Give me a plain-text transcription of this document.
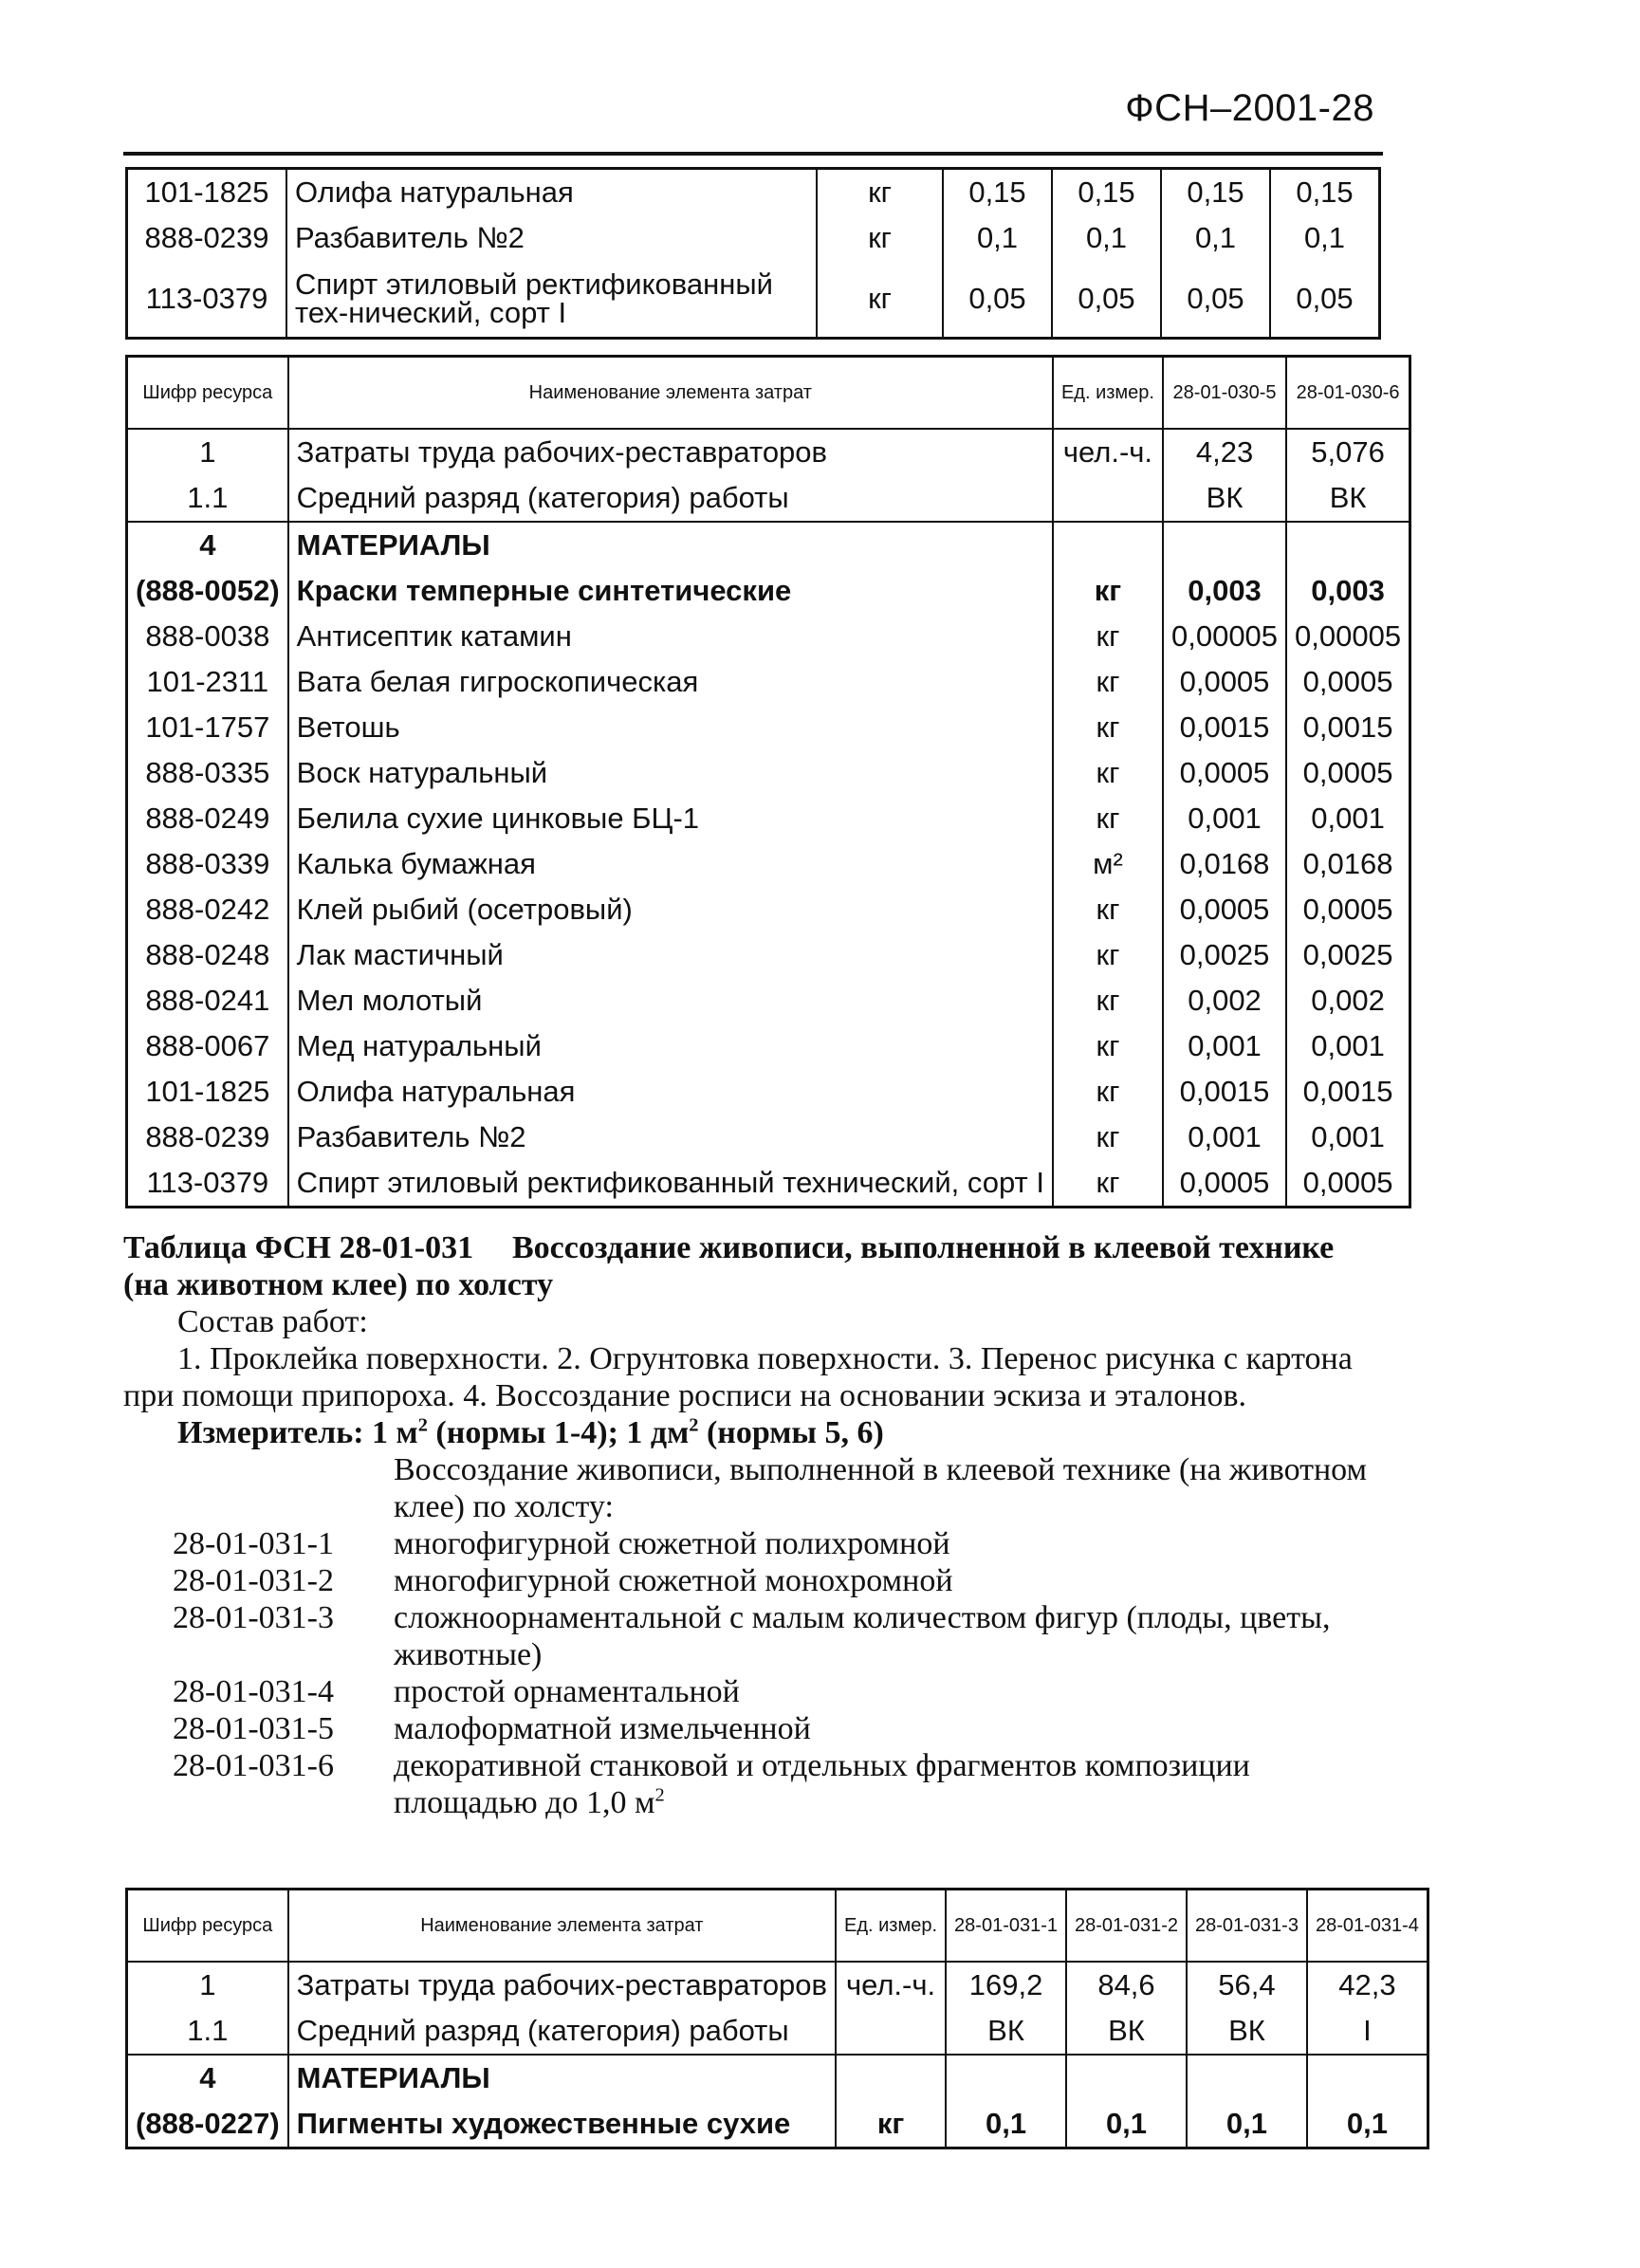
ФСН–2001-28
101-1825	Олифа натуральная	кг	0,15	0,15	0,15	0,15
888-0239	Разбавитель №2	кг	0,1	0,1	0,1	0,1
113-0379	Спирт этиловый ректификованный тех-нический, сорт I	кг	0,05	0,05	0,05	0,05
Шифр ресурса	Наименование элемента затрат	Ед. измер.	28-01-030-5	28-01-030-6
1	Затраты труда рабочих-реставраторов	чел.-ч.	4,23	5,076
1.1	Средний разряд (категория) работы		ВК	ВК
4	МАТЕРИАЛЫ			
(888-0052)	Краски темперные синтетические	кг	0,003	0,003
888-0038	Антисептик катамин	кг	0,00005	0,00005
101-2311	Вата белая гигроскопическая	кг	0,0005	0,0005
101-1757	Ветошь	кг	0,0015	0,0015
888-0335	Воск натуральный	кг	0,0005	0,0005
888-0249	Белила сухие цинковые БЦ-1	кг	0,001	0,001
888-0339	Калька бумажная	м²	0,0168	0,0168
888-0242	Клей рыбий (осетровый)	кг	0,0005	0,0005
888-0248	Лак мастичный	кг	0,0025	0,0025
888-0241	Мел молотый	кг	0,002	0,002
888-0067	Мед натуральный	кг	0,001	0,001
101-1825	Олифа натуральная	кг	0,0015	0,0015
888-0239	Разбавитель №2	кг	0,001	0,001
113-0379	Спирт этиловый ректификованный технический, сорт I	кг	0,0005	0,0005

Таблица ФСН 28-01-031 Воссоздание живописи, выполненной в клеевой технике (на животном клее) по холсту

Состав работ:

1. Проклейка поверхности. 2. Огрунтовка поверхности. 3. Перенос рисунка с картона при помощи припороха. 4. Воссоздание росписи на основании эскиза и эталонов.

Измеритель: 1 $м^2$ (нормы 1-4); 1 $дм^2$ (нормы 5, 6)

Воссоздание живописи, выполненной в клеевой технике (на животном клее) по холсту:
28-01-031-1	многофигурной сюжетной полихромной
28-01-031-2	многофигурной сюжетной монохромной
28-01-031-3	сложноорнаментальной с малым количеством фигур (плоды, цветы, животные)
28-01-031-4	простой орнаментальной
28-01-031-5	малоформатной измельченной
28-01-031-6	декоративной станковой и отдельных фрагментов композиции площадью до 1,0 $м^2$
Шифр ресурса	Наименование элемента затрат	Ед. измер.	28-01-031-1	28-01-031-2	28-01-031-3	28-01-031-4
1	Затраты труда рабочих-реставраторов	чел.-ч.	169,2	84,6	56,4	42,3
1.1	Средний разряд (категория) работы		ВК	ВК	ВК	I
4	МАТЕРИАЛЫ					
(888-0227)	Пигменты художественные сухие	кг	0,1	0,1	0,1	0,1
